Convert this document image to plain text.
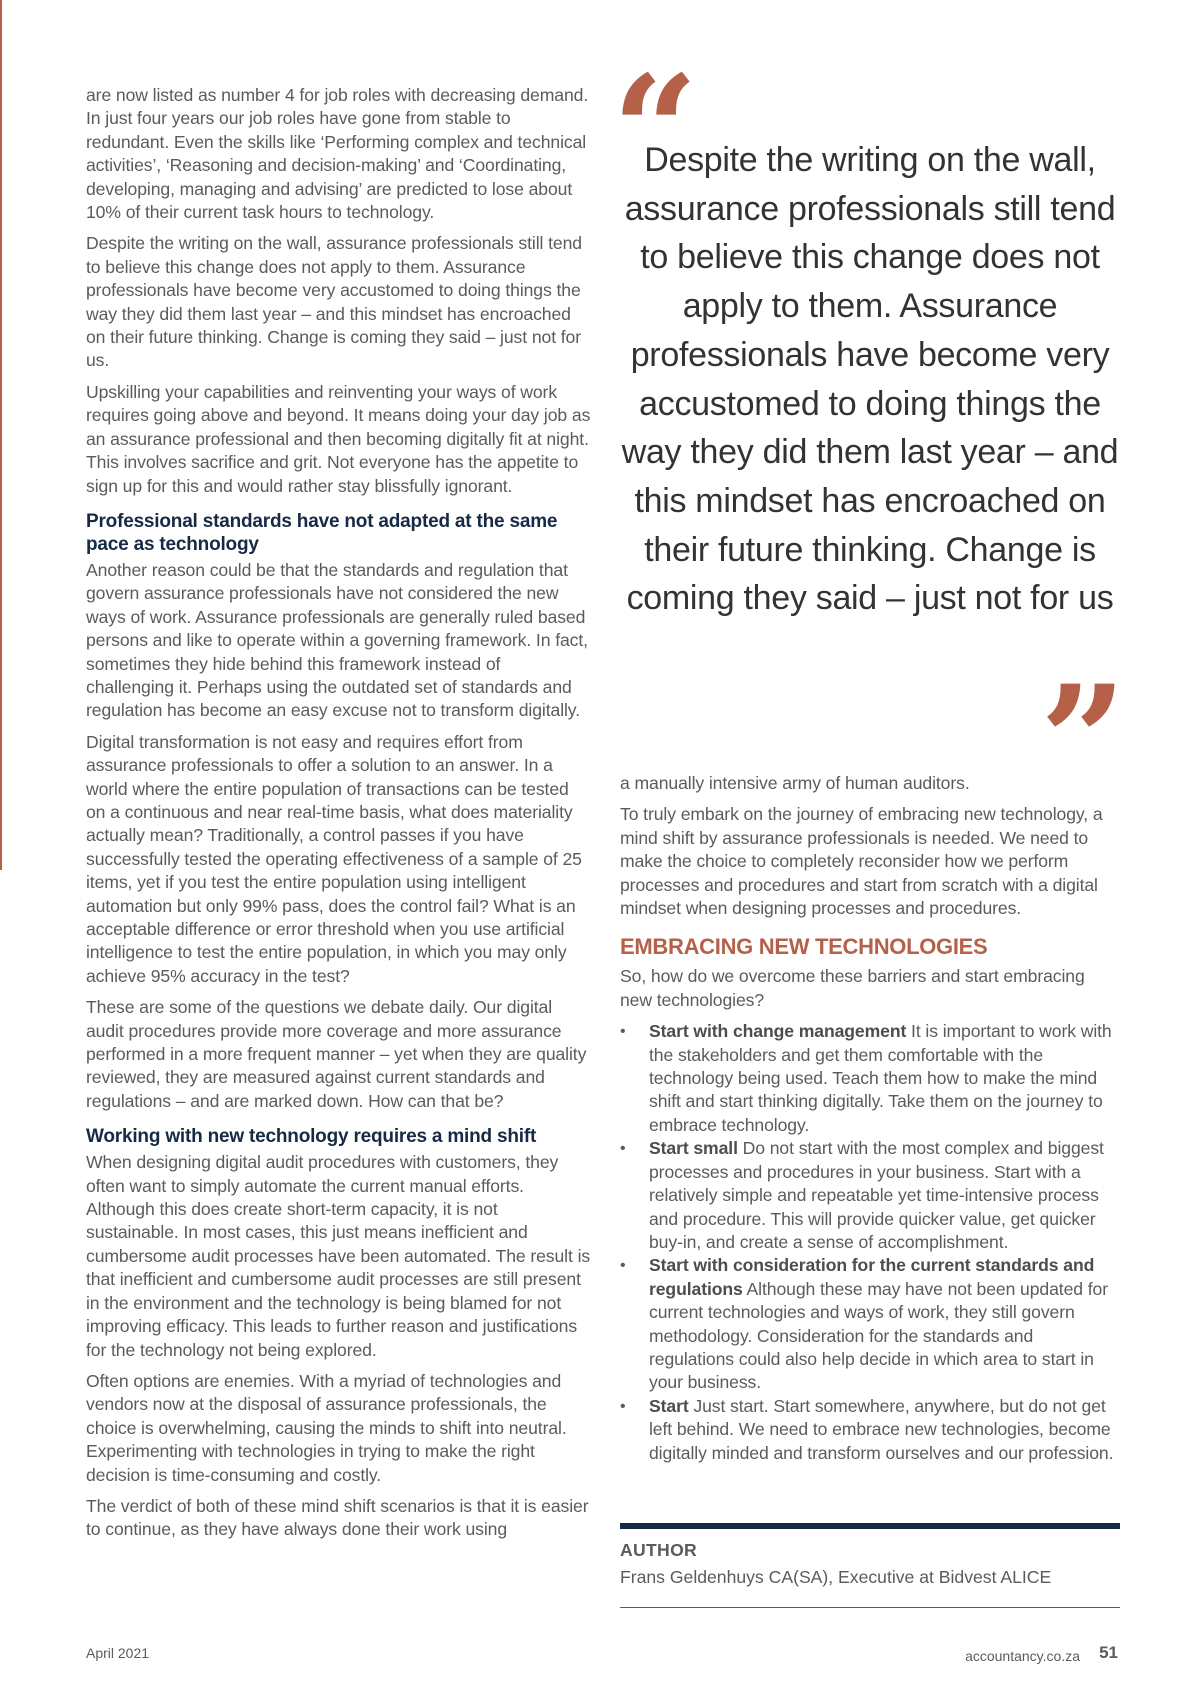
are now listed as number 4 for job roles with decreasing demand. In just four years our job roles have gone from stable to redundant. Even the skills like ‘Performing complex and technical activities’, ‘Reasoning and decision-making’ and ‘Coordinating, developing, managing and advising’ are predicted to lose about 10% of their current task hours to technology.

Despite the writing on the wall, assurance professionals still tend to believe this change does not apply to them. Assurance professionals have become very accustomed to doing things the way they did them last year – and this mindset has encroached on their future thinking. Change is coming they said – just not for us.

Upskilling your capabilities and reinventing your ways of work requires going above and beyond. It means doing your day job as an assurance professional and then becoming digitally fit at night. This involves sacrifice and grit. Not everyone has the appetite to sign up for this and would rather stay blissfully ignorant.

Professional standards have not adapted at the same pace as technology

Another reason could be that the standards and regulation that govern assurance professionals have not considered the new ways of work. Assurance professionals are generally ruled based persons and like to operate within a governing framework. In fact, sometimes they hide behind this framework instead of challenging it. Perhaps using the outdated set of standards and regulation has become an easy excuse not to transform digitally.

Digital transformation is not easy and requires effort from assurance professionals to offer a solution to an answer. In a world where the entire population of transactions can be tested on a continuous and near real-time basis, what does materiality actually mean? Traditionally, a control passes if you have successfully tested the operating effectiveness of a sample of 25 items, yet if you test the entire population using intelligent automation but only 99% pass, does the control fail? What is an acceptable difference or error threshold when you use artificial intelligence to test the entire population, in which you may only achieve 95% accuracy in the test?

These are some of the questions we debate daily. Our digital audit procedures provide more coverage and more assurance performed in a more frequent manner – yet when they are quality reviewed, they are measured against current standards and regulations – and are marked down. How can that be?

Working with new technology requires a mind shift

When designing digital audit procedures with customers, they often want to simply automate the current manual efforts. Although this does create short-term capacity, it is not sustainable. In most cases, this just means inefficient and cumbersome audit processes have been automated. The result is that inefficient and cumbersome audit processes are still present in the environment and the technology is being blamed for not improving efficacy. This leads to further reason and justifications for the technology not being explored.

Often options are enemies. With a myriad of technologies and vendors now at the disposal of assurance professionals, the choice is overwhelming, causing the minds to shift into neutral. Experimenting with technologies in trying to make the right decision is time-consuming and costly.

The verdict of both of these mind shift scenarios is that it is easier to continue, as they have always done their work using

“

Despite the writing on the wall, assurance professionals still tend to believe this change does not apply to them. Assurance professionals have become very accustomed to doing things the way they did them last year – and this mindset has encroached on their future thinking. Change is coming they said – just not for us

”

a manually intensive army of human auditors.

To truly embark on the journey of embracing new technology, a mind shift by assurance professionals is needed. We need to make the choice to completely reconsider how we perform processes and procedures and start from scratch with a digital mindset when designing processes and procedures.

EMBRACING NEW TECHNOLOGIES

So, how do we overcome these barriers and start embracing new technologies?

• Start with change management It is important to work with the stakeholders and get them comfortable with the technology being used. Teach them how to make the mind shift and start thinking digitally. Take them on the journey to embrace technology.
• Start small Do not start with the most complex and biggest processes and procedures in your business. Start with a relatively simple and repeatable yet time-intensive process and procedure. This will provide quicker value, get quicker buy-in, and create a sense of accomplishment.
• Start with consideration for the current standards and regulations Although these may have not been updated for current technologies and ways of work, they still govern methodology. Consideration for the standards and regulations could also help decide in which area to start in your business.
• Start Just start. Start somewhere, anywhere, but do not get left behind. We need to embrace new technologies, become digitally minded and transform ourselves and our profession.
AUTHOR
Frans Geldenhuys CA(SA), Executive at Bidvest ALICE
April 2021	accountancy.co.za 51
